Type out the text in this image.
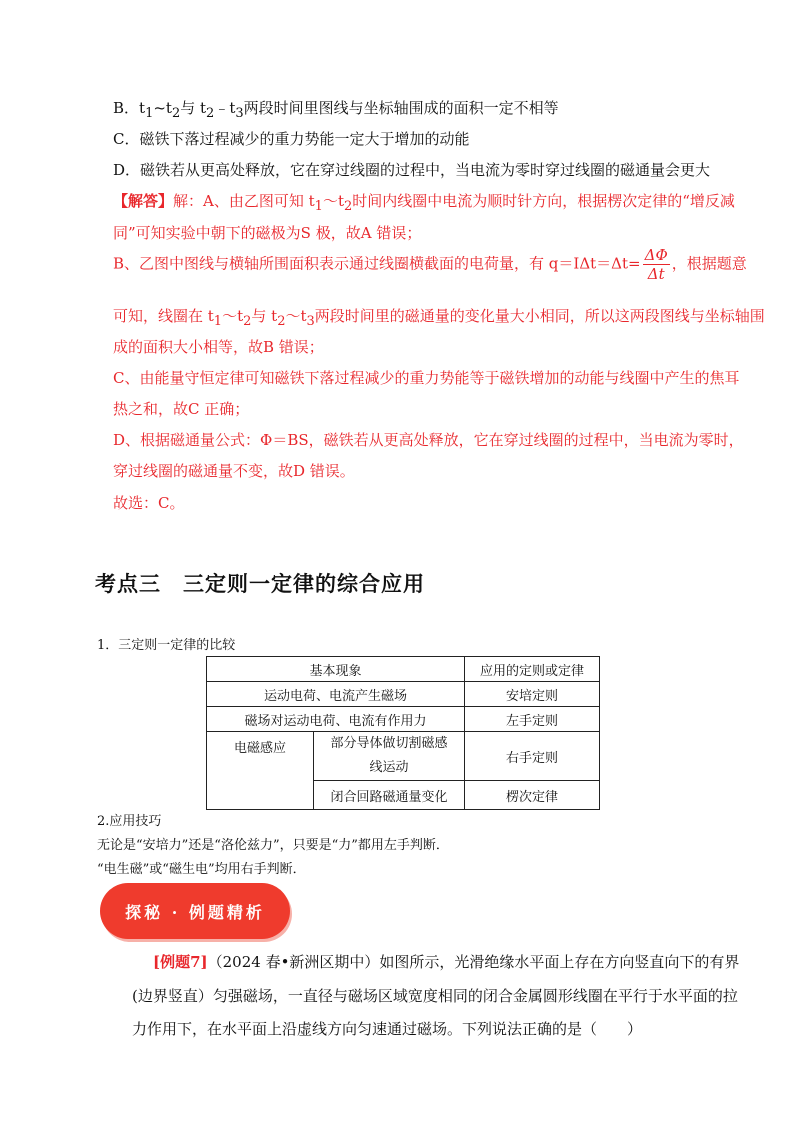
B．$t_1\sim t_2$与 $t_2﹣t_3$两段时间里图线与坐标轴围成的面积一定不相等
C．磁铁下落过程减少的重力势能一定大于增加的动能
D．磁铁若从更高处释放，它在穿过线圈的过程中，当电流为零时穿过线圈的磁通量会更大
【解答】解：A、由乙图可知 $t_1\sim t_2$时间内线圈中电流为顺时针方向，根据楞次定律的“增反减
同”可知实验中朝下的磁极为S 极，故A 错误；
B、乙图中图线与横轴所围面积表示通过线圈横截面的电荷量，有 $q=I\Delta t=\Delta t= \frac{\Delta\Phi}{\Delta t}$ ，根据题意
可知，线圈在 $t_1\sim t_2$与 $t_2\sim t_3$两段时间里的磁通量的变化量大小相同，所以这两段图线与坐标轴围
成的面积大小相等，故B 错误；
C、由能量守恒定律可知磁铁下落过程减少的重力势能等于磁铁增加的动能与线圈中产生的焦耳
热之和，故C 正确；
D、根据磁通量公式：Φ＝BS，磁铁若从更高处释放，它在穿过线圈的过程中，当电流为零时，
穿过线圈的磁通量不变，故D 错误。
故选：C。
考点三　三定则一定律的综合应用
1．三定则一定律的比较
基本现象		应用的定则或定律
运动电荷、电流产生磁场		安培定则
磁场对运动电荷、电流有作用力		左手定则
电磁感应	部分导体做切割磁感
线运动	右手定则
	闭合回路磁通量变化	楞次定律
2.应用技巧
无论是“安培力”还是“洛伦兹力”，只要是“力”都用左手判断．
“电生磁”或“磁生电”均用右手判断．
探秘 · 例题精析
[例题7]（2024 春•新洲区期中）如图所示，光滑绝缘水平面上存在方向竖直向下的有界
(边界竖直）匀强磁场，一直径与磁场区域宽度相同的闭合金属圆形线圈在平行于水平面的拉
力作用下，在水平面上沿虚线方向匀速通过磁场。下列说法正确的是（　　）
